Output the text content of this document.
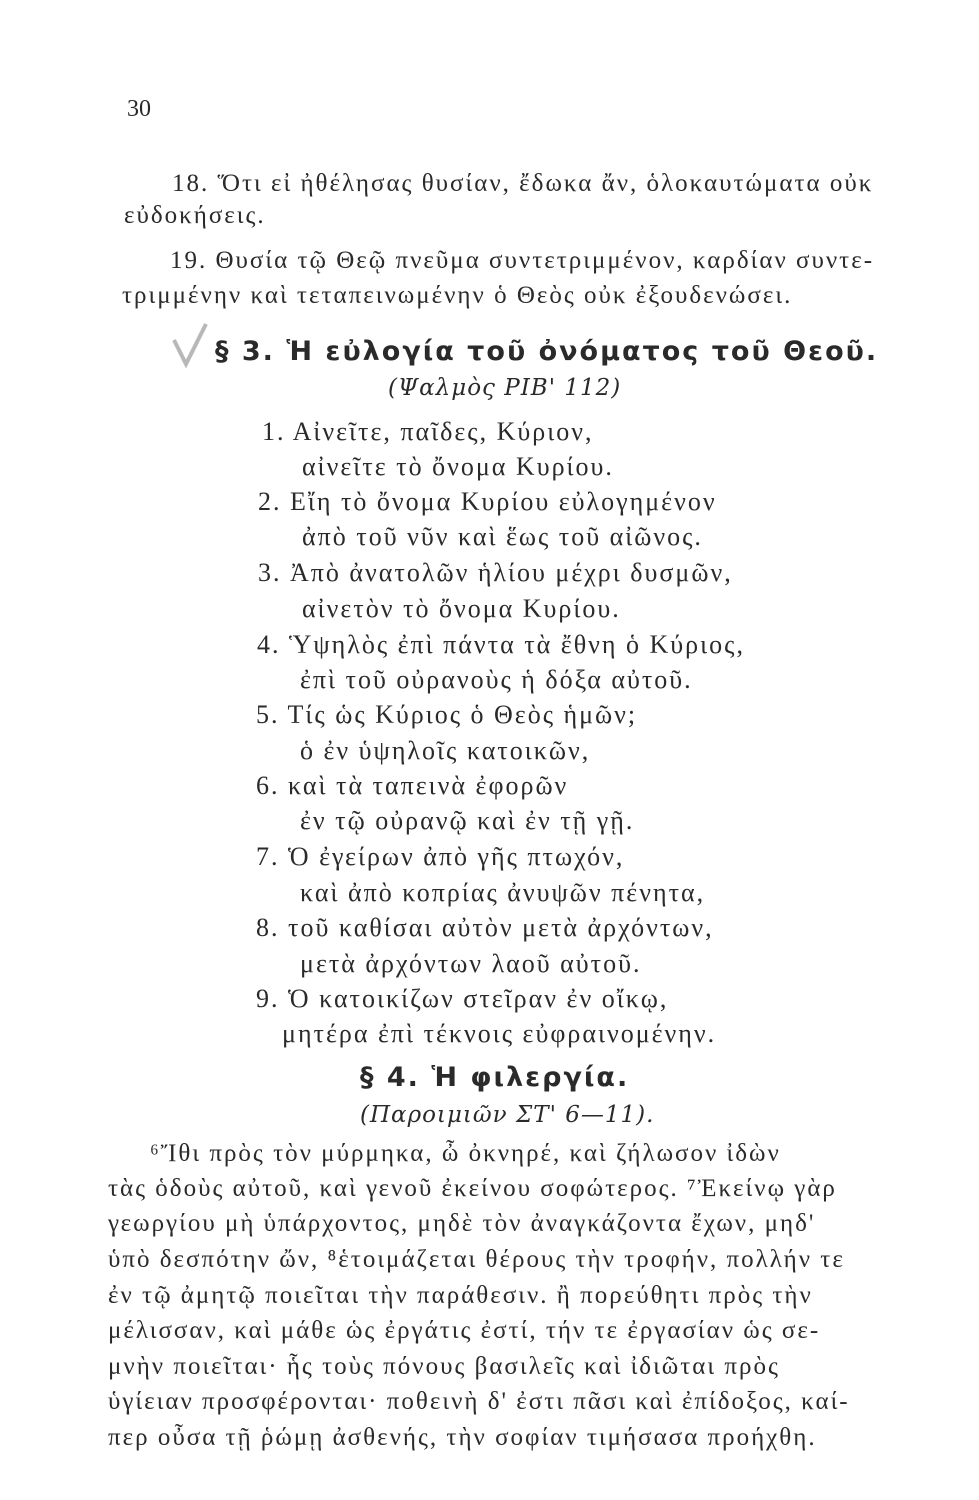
30
18. Ὅτι εἰ ἠθέλησας θυσίαν, ἔδωκα ἄν, ὁλοκαυτώματα οὐκ
εὐδοκήσεις.
19. Θυσία τῷ Θεῷ πνεῦμα συντετριμμένον, καρδίαν συντε-
τριμμένην καὶ τεταπεινωμένην ὁ Θεὸς οὐκ ἐξουδενώσει.
§ 3. Ἡ εὐλογία τοῦ ὀνόματος τοῦ Θεοῦ.
(Ψαλμὸς ΡΙΒ' 112)
1. Αἰνεῖτε, παῖδες, Κύριον,
αἰνεῖτε τὸ ὄνομα Κυρίου.
2. Εἴη τὸ ὄνομα Κυρίου εὐλογημένον
ἀπὸ τοῦ νῦν καὶ ἕως τοῦ αἰῶνος.
3. Ἀπὸ ἀνατολῶν ἡλίου μέχρι δυσμῶν,
αἰνετὸν τὸ ὄνομα Κυρίου.
4. Ὑψηλὸς ἐπὶ πάντα τὰ ἔθνη ὁ Κύριος,
ἐπὶ τοῦ οὐρανοὺς ἡ δόξα αὐτοῦ.
5. Τίς ὡς Κύριος ὁ Θεὸς ἡμῶν;
ὁ ἐν ὑψηλοῖς κατοικῶν,
6. καὶ τὰ ταπεινὰ ἐφορῶν
ἐν τῷ οὐρανῷ καὶ ἐν τῇ γῇ.
7. Ὁ ἐγείρων ἀπὸ γῆς πτωχόν,
καὶ ἀπὸ κοπρίας ἀνυψῶν πένητα,
8. τοῦ καθίσαι αὐτὸν μετὰ ἀρχόντων,
μετὰ ἀρχόντων λαοῦ αὐτοῦ.
9. Ὁ κατοικίζων στεῖραν ἐν οἴκῳ,
μητέρα ἐπὶ τέκνοις εὐφραινομένην.
§ 4. Ἡ φιλεργία.
(Παροιμιῶν ΣΤ' 6—11).
⁶Ἴθι πρὸς τὸν μύρμηκα, ὦ ὀκνηρέ, καὶ ζήλωσον ἰδὼν
τὰς ὁδοὺς αὐτοῦ, καὶ γενοῦ ἐκείνου σοφώτερος. ⁷Ἐκείνῳ γὰρ
γεωργίου μὴ ὑπάρχοντος, μηδὲ τὸν ἀναγκάζοντα ἔχων, μηδ'
ὑπὸ δεσπότην ὤν, ⁸ἑτοιμάζεται θέρους τὴν τροφήν, πολλήν τε
ἐν τῷ ἀμητῷ ποιεῖται τὴν παράθεσιν. ἢ πορεύθητι πρὸς τὴν
μέλισσαν, καὶ μάθε ὡς ἐργάτις ἐστί, τήν τε ἐργασίαν ὡς σε-
μνὴν ποιεῖται· ἧς τοὺς πόνους βασιλεῖς καὶ ἰδιῶται πρὸς
ὑγίειαν προσφέρονται· ποθεινὴ δ' ἐστι πᾶσι καὶ ἐπίδοξος, καί-
περ οὖσα τῇ ῥώμῃ ἀσθενής, τὴν σοφίαν τιμήσασα προήχθη.
